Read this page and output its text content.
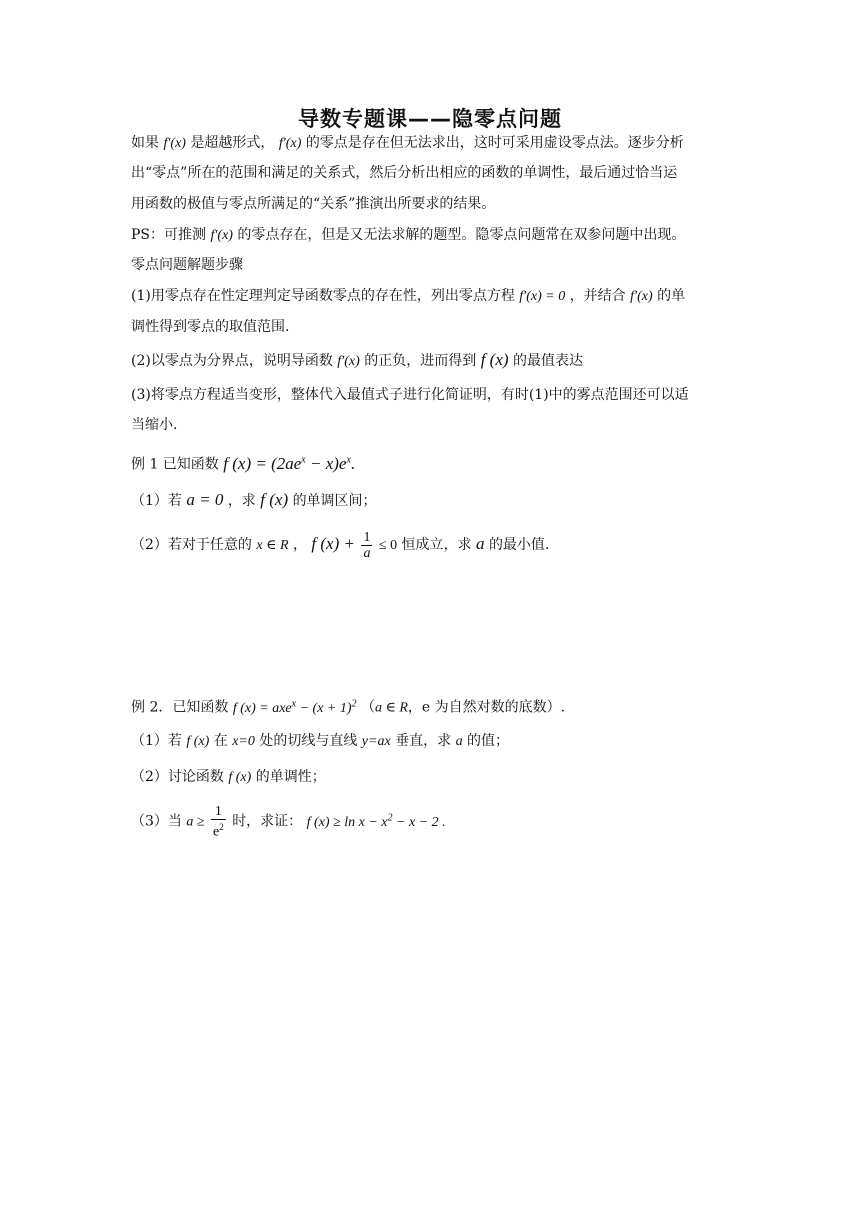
导数专题课——隐零点问题
如果 f′(x) 是超越形式， f′(x) 的零点是存在但无法求出，这时可采用虚设零点法。逐步分析
出“零点”所在的范围和满足的关系式，然后分析出相应的函数的单调性，最后通过恰当运
用函数的极值与零点所满足的“关系”推演出所要求的结果。
PS：可推测 f′(x) 的零点存在，但是又无法求解的题型。隐零点问题常在双参问题中出现。
零点问题解题步骤
(1)用零点存在性定理判定导函数零点的存在性，列出零点方程 f′(x) = 0 ，并结合 f′(x) 的单
调性得到零点的取值范围.
(2)以零点为分界点，说明导函数 f′(x) 的正负，进而得到 f (x) 的最值表达
(3)将零点方程适当变形，整体代入最值式子进行化简证明，有时(1)中的雾点范围还可以适
当缩小.
例 1 已知函数 f $(x) = (2ae^x - x)e^x$.
（1）若 a = 0 ，求 f (x) 的单调区间；
（2）若对于任意的 x ∈ R ， f $(x) + \frac{1}{a} \le 0$ 恒成立，求 a 的最小值.
例 2．已知函数 f $(x) = axe^x - (x + 1)^2$ （a ∈ R，e 为自然对数的底数）.
（1）若 f (x) 在 x=0 处的切线与直线 y=ax 垂直，求 a 的值；
（2）讨论函数 f (x) 的单调性；
（3）当 $a \ge \frac{1}{e^2}$ 时，求证： f $(x) \ge \ln x - x^2 - x - 2$ .
